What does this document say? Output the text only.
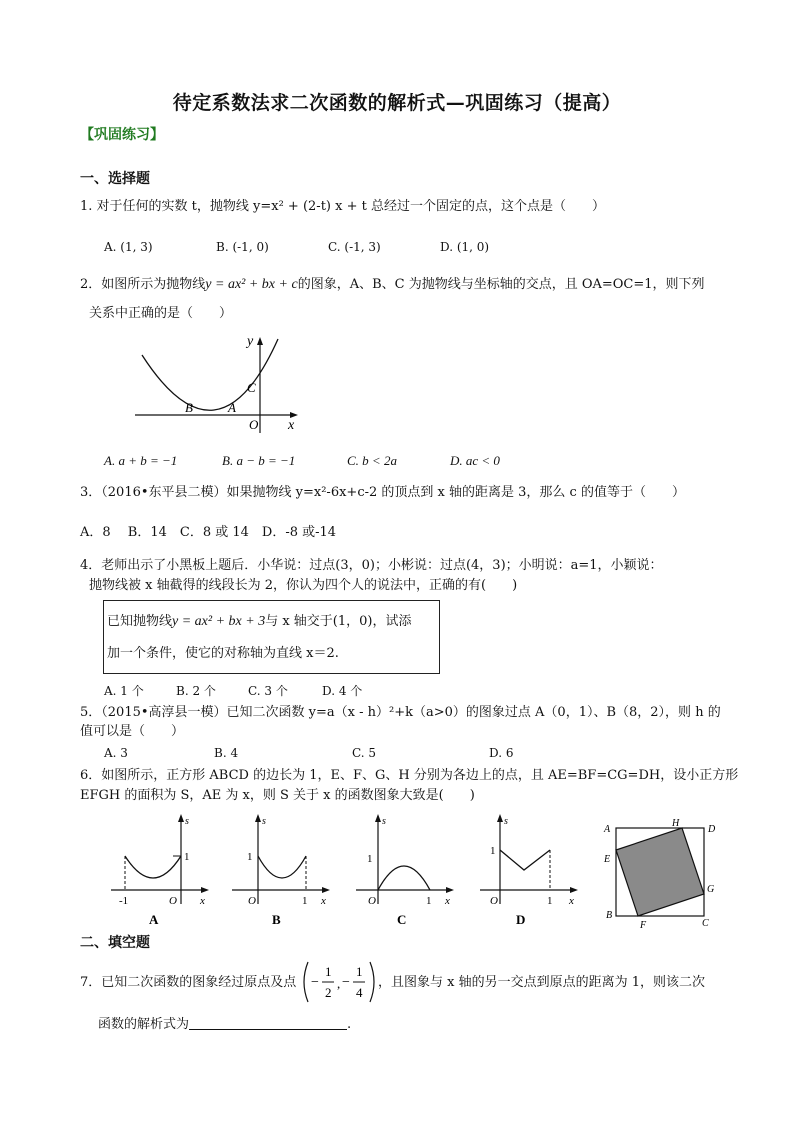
待定系数法求二次函数的解析式—巩固练习（提高）
【巩固练习】
一、选择题
1. 对于任何的实数 t，抛物线 y=x² + (2-t) x + t 总经过一个固定的点，这个点是（　　）
A. (1, 3)	B. (-1, 0)	C. (-1, 3)	D. (1, 0)
2．如图所示为抛物线y = ax² + bx + c的图象，A、B、C 为抛物线与坐标轴的交点，且 OA=OC=1，则下列
关系中正确的是（　　）
y
x
O
A
B
C
A. a + b = −1	B. a − b = −1	C. b < 2a	D. ac < 0
3．（2016•东平县二模）如果抛物线 y=x²-6x+c-2 的顶点到 x 轴的距离是 3，那么 c 的值等于（　　）
A．8　 B．14　C．8 或 14　D．-8 或-14
4．老师出示了小黑板上题后．小华说：过点(3，0)；小彬说：过点(4，3)；小明说：a=1，小颖说：
抛物线被 x 轴截得的线段长为 2，你认为四个人的说法中，正确的有(　　)
已知抛物线y = ax² + bx + 3与 x 轴交于(1，0)，试添
加一个条件，使它的对称轴为直线 x＝2.
A. 1 个	B. 2 个	C. 3 个	D. 4 个
5．（2015•高淳县一模）已知二次函数 y=a（x - h）²+k（a>0）的图象过点 A（0，1）、B（8，2），则 h 的
值可以是（　　）
A. 3	B. 4	C. 5	D. 6
6．如图所示，正方形 ABCD 的边长为 1，E、F、G、H 分别为各边上的点，且 AE=BF=CG=DH，设小正方形
EFGH 的面积为 S，AE 为 x，则 S 关于 x 的函数图象大致是(　　)
s
x
1
-1	O
A
s
x
1
1
O
B
s
x
1
1
O
C
s
x
1
1
O
D
A
H
D
E
G
B
F	C
二、填空题
7．已知二次函数的图象经过原点及点 −
1
2
, −
1
4
，且图象与 x 轴的另一交点到原点的距离为 1，则该二次
函数的解析式为	.
